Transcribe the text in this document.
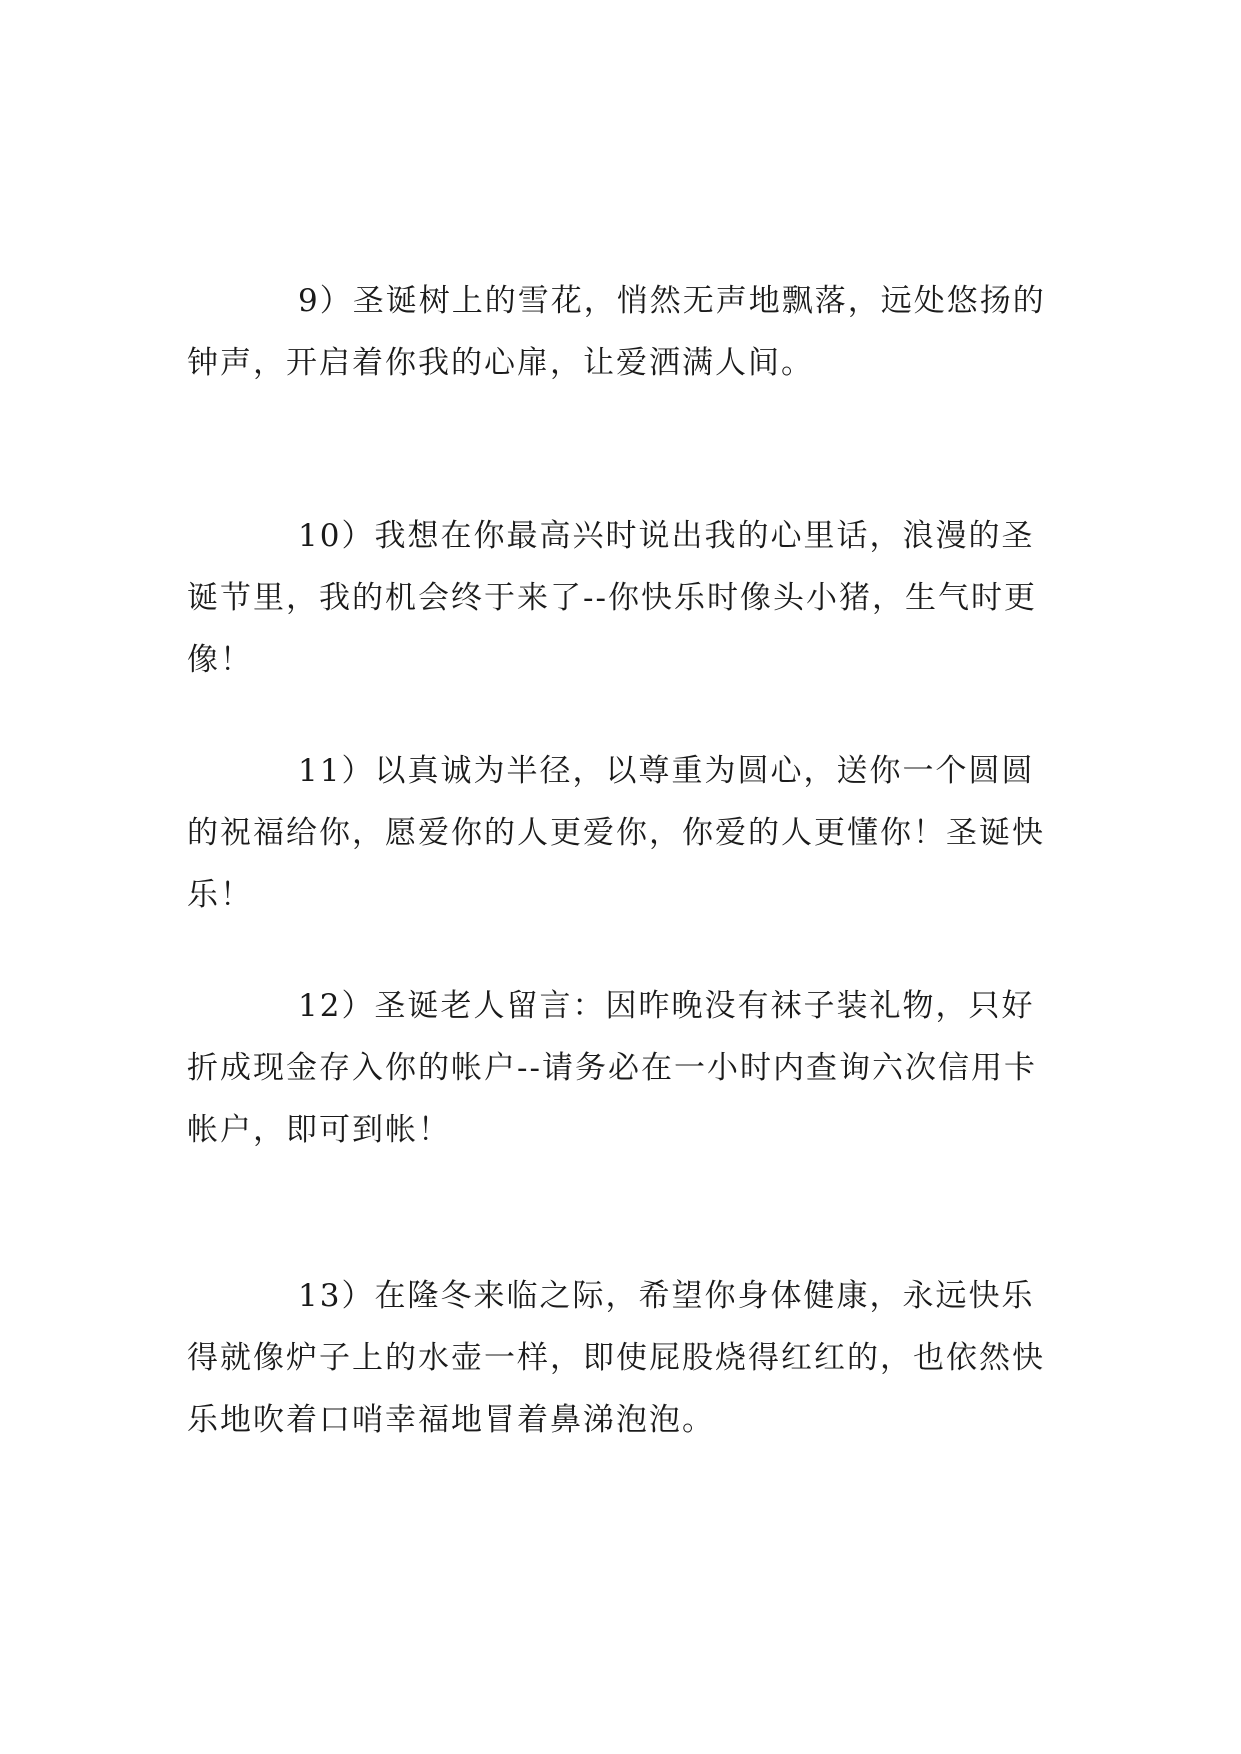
9）圣诞树上的雪花，悄然无声地飘落，远处悠扬的钟声，开启着你我的心扉，让爱洒满人间。

10）我想在你最高兴时说出我的心里话，浪漫的圣诞节里，我的机会终于来了--你快乐时像头小猪，生气时更像！

11）以真诚为半径，以尊重为圆心，送你一个圆圆的祝福给你，愿爱你的人更爱你，你爱的人更懂你！圣诞快乐！

12）圣诞老人留言：因昨晚没有袜子装礼物，只好折成现金存入你的帐户--请务必在一小时内查询六次信用卡帐户，即可到帐！

13）在隆冬来临之际，希望你身体健康，永远快乐得就像炉子上的水壶一样，即使屁股烧得红红的，也依然快乐地吹着口哨幸福地冒着鼻涕泡泡。
